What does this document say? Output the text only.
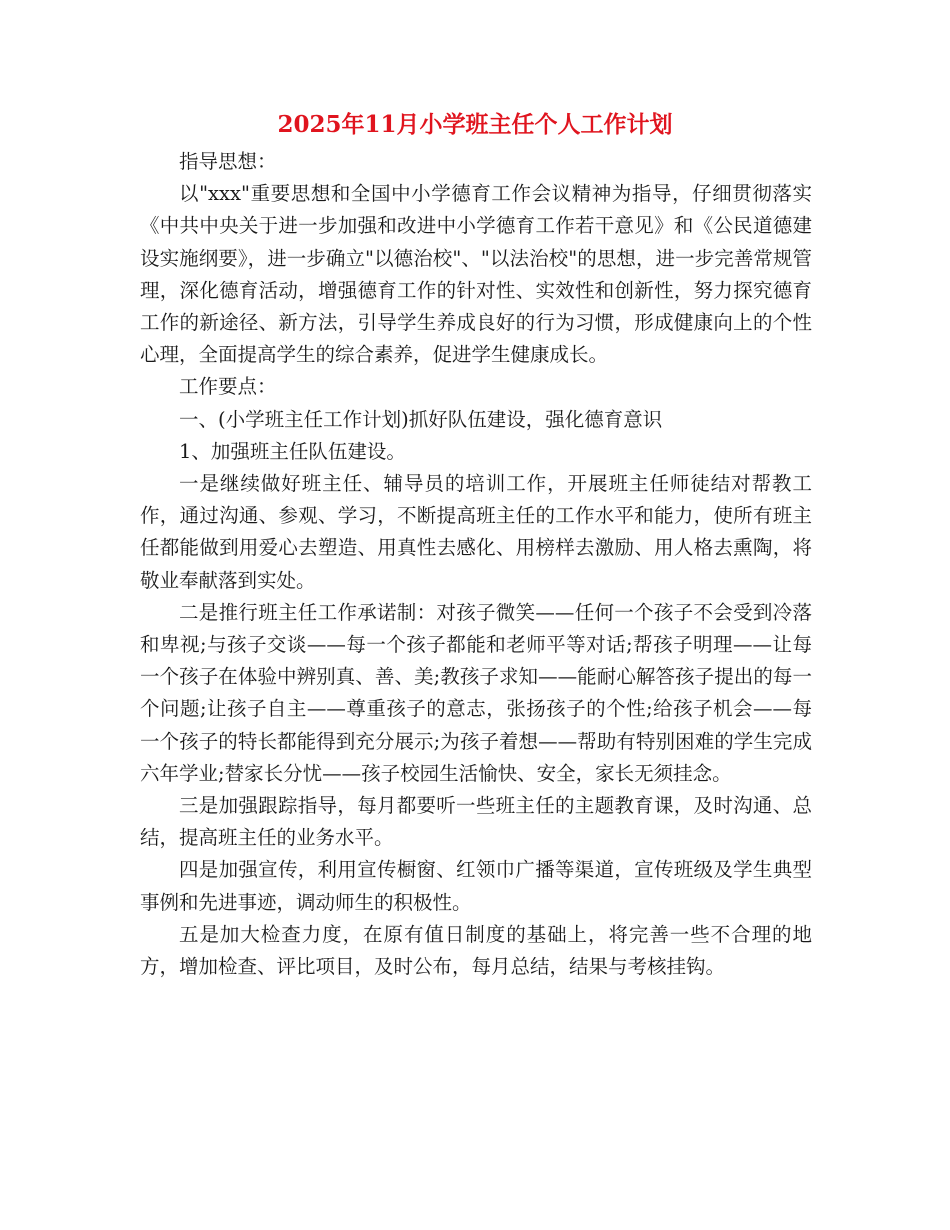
2025年11月小学班主任个人工作计划

指导思想：

以"xxx"重要思想和全国中小学德育工作会议精神为指导，仔细贯彻落实《中共中央关于进一步加强和改进中小学德育工作若干意见》和《公民道德建设实施纲要》，进一步确立"以德治校"、"以法治校"的思想，进一步完善常规管理，深化德育活动，增强德育工作的针对性、实效性和创新性，努力探究德育工作的新途径、新方法，引导学生养成良好的行为习惯，形成健康向上的个性心理，全面提高学生的综合素养，促进学生健康成长。

工作要点：

一、(小学班主任工作计划)抓好队伍建设，强化德育意识

1、加强班主任队伍建设。

一是继续做好班主任、辅导员的培训工作，开展班主任师徒结对帮教工作，通过沟通、参观、学习，不断提高班主任的工作水平和能力，使所有班主任都能做到用爱心去塑造、用真性去感化、用榜样去激励、用人格去熏陶，将敬业奉献落到实处。

二是推行班主任工作承诺制：对孩子微笑——任何一个孩子不会受到冷落和卑视;与孩子交谈——每一个孩子都能和老师平等对话;帮孩子明理——让每一个孩子在体验中辨别真、善、美;教孩子求知——能耐心解答孩子提出的每一个问题;让孩子自主——尊重孩子的意志，张扬孩子的个性;给孩子机会——每一个孩子的特长都能得到充分展示;为孩子着想——帮助有特别困难的学生完成六年学业;替家长分忧——孩子校园生活愉快、安全，家长无须挂念。

三是加强跟踪指导，每月都要听一些班主任的主题教育课，及时沟通、总结，提高班主任的业务水平。

四是加强宣传，利用宣传橱窗、红领巾广播等渠道，宣传班级及学生典型事例和先进事迹，调动师生的积极性。

五是加大检查力度，在原有值日制度的基础上，将完善一些不合理的地方，增加检查、评比项目，及时公布，每月总结，结果与考核挂钩。
